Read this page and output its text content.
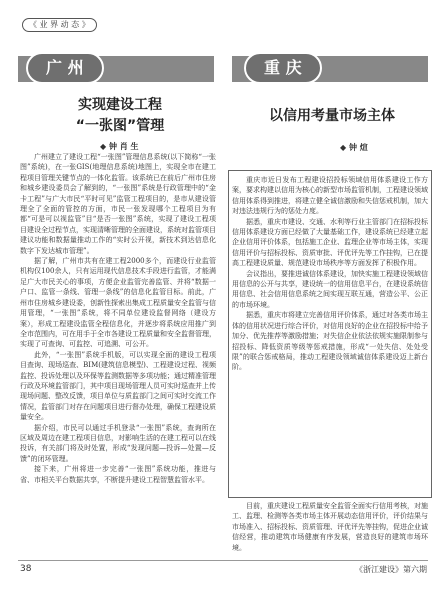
《 业 界 动 态 》
广 州	重 庆
实现建设工程
“一张图”管理
◆ 钟 肖 生
以信用考量市场主体
◆ 钟 煊

广州建立了建设工程“一张图”管理信息系统(以下简称“一张图”系统)，在一张GIS(地理信息系统)地图上，实现全市在建工程项目管理关键节点的一体化监管。该系统已在前后广州市住房和城乡建设委员会了解到的，“一张图”系统是行政管理中的“金卡工程”与广大市民“平时可见”监管工程项目的，是市从建设管理全了全面的管控的方面，市民一张发现哪个工程项目为有都“可是可以视监管”目“是否一张图”系统，实现了建设工程项目建设全过程节点，实现清晰管理的全面建设，系统对监管项目建议功能和数据量推动工作的“实时公开视，新技术到达信息化数字下发达城市管理”。

据了解，广州市共有在建工程2000多个，而建设行业监管机构仅100余人，只有运用现代信息技术手段进行监管，才能满足广大市民关心的事项，方便企业监管完善监管、并将“数据一户口、监管一条线、管理一条线”的信息化监管目标。前此，广州市住房城乡建设委，创新性探索出集成工程质量安全监管与信用管理，“一张图”系统，将不同单位建设监督网络（建设方案），形成工程建设监管全程信息化，并逐步将系统应用推广到全市范围内，可在用手于全市各建设工程质量和安全监督管理，实现了可查询、可监控、可追溯、可公开。

此外，“一张图”系统手机版，可以实现全面的建设工程项目查询、现场巡查、BIM(建筑信息模型)、工程建设过程、视频监控、投诉处理以及环保等监测数据等多项功能；通过精准管理行政及环境监管部门，其中项目现场管理人员可实时巡查并上传现场问题、整改反馈，项目单位与质监部门之间可实时交流工作情况，监管部门对存在问题项目进行督办处理，确保工程建设质量安全。

据介绍，市民可以通过手机登录“一张图”系统，查询所在区域及周边在建工程项目信息，对影响生活的在建工程可以在线投诉，有关部门将及时处置，形成“发现问题—投诉—处置—反馈”的闭环管理。

接下来，广州将进一步完善“一张图”系统功能，推进与省、市相关平台数据共享，不断提升建设工程智慧监管水平。

重庆市近日发布工程建设招投标领域信用体系建设工作方案，要求构建以信用为核心的新型市场监管机制，工程建设领域信用体系得到推进，将建立健全诚信激励和失信惩戒机制，加大对违法违规行为的惩处力度。

据悉，重庆市建设、交通、水利等行业主管部门在招标投标信用体系建设方面已经做了大量基础工作，建设系统已经建立起企业信用评价体系，包括施工企业、监理企业等市场主体，实现信用评价与招标投标、资质审批、评优评先等工作挂钩，已在提高工程建设质量、规范建设市场秩序等方面发挥了积极作用。

会议指出，要推进诚信体系建设，加快实施工程建设领域信用信息的公开与共享，建设统一的信用信息平台，在建设系统信用信息、社会信用信息系统之间实现互联互通，营造公平、公正的市场环境。

据悉，重庆市将建立完善信用评价体系，通过对各类市场主体的信用状况进行综合评价，对信用良好的企业在招投标中给予加分、优先推荐等激励措施；对失信企业依法依规实施限制参与招投标、降低资质等级等惩戒措施，形成“一处失信、处处受限”的联合惩戒格局，推动工程建设领域诚信体系建设迈上新台阶。

目前，重庆建设工程质量安全监管全面实行信用考核，对施工、监理、检测等各类市场主体开展动态信用评价，评价结果与市场准入、招标投标、资质管理、评优评先等挂钩，促进企业诚信经营，推动建筑市场健康有序发展，营造良好的建筑市场环境。

38	《浙江建设》第六期
